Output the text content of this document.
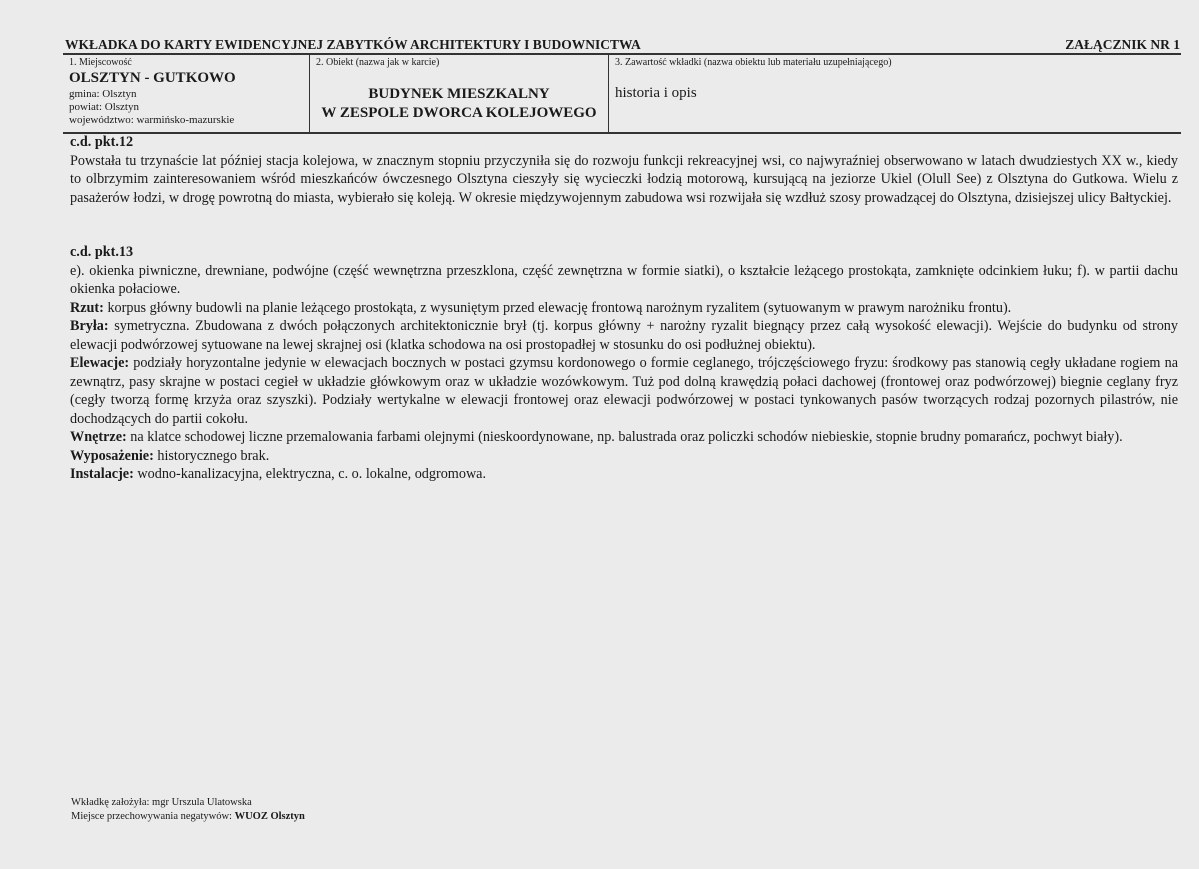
WKŁADKA DO KARTY EWIDENCYJNEJ ZABYTKÓW ARCHITEKTURY I BUDOWNICTWA	ZAŁĄCZNIK NR 1
1. Miejscowość
OLSZTYN - GUTKOWO
gmina: Olsztyn
powiat: Olsztyn
województwo: warmińsko-mazurskie
2. Obiekt (nazwa jak w karcie)
BUDYNEK MIESZKALNY
W ZESPOLE DWORCA KOLEJOWEGO
3. Zawartość wkładki (nazwa obiektu lub materiału uzupełniającego)
historia i opis

c.d. pkt.12

Powstała tu trzynaście lat później stacja kolejowa, w znacznym stopniu przyczyniła się do rozwoju funkcji rekreacyjnej wsi, co najwyraźniej obserwowano w latach dwudziestych XX w., kiedy to olbrzymim zainteresowaniem wśród mieszkańców ówczesnego Olsztyna cieszyły się wycieczki łodzią motorową, kursującą na jeziorze Ukiel (Olull See) z Olsztyna do Gutkowa. Wielu z pasażerów łodzi, w drogę powrotną do miasta, wybierało się koleją. W okresie międzywojennym zabudowa wsi rozwijała się wzdłuż szosy prowadzącej do Olsztyna, dzisiejszej ulicy Bałtyckiej.

c.d. pkt.13

e). okienka piwniczne, drewniane, podwójne (część wewnętrzna przeszklona, część zewnętrzna w formie siatki), o kształcie leżącego prostokąta, zamknięte odcinkiem łuku; f). w partii dachu okienka połaciowe.

Rzut: korpus główny budowli na planie leżącego prostokąta, z wysuniętym przed elewację frontową narożnym ryzalitem (sytuowanym w prawym narożniku frontu).

Bryła: symetryczna. Zbudowana z dwóch połączonych architektonicznie brył (tj. korpus główny + narożny ryzalit biegnący przez całą wysokość elewacji). Wejście do budynku od strony elewacji podwórzowej sytuowane na lewej skrajnej osi (klatka schodowa na osi prostopadłej w stosunku do osi podłużnej obiektu).

Elewacje: podziały horyzontalne jedynie w elewacjach bocznych w postaci gzymsu kordonowego o formie ceglanego, trójczęściowego fryzu: środkowy pas stanowią cegły układane rogiem na zewnątrz, pasy skrajne w postaci cegieł w układzie główkowym oraz w układzie wozówkowym. Tuż pod dolną krawędzią połaci dachowej (frontowej oraz podwórzowej) biegnie ceglany fryz (cegły tworzą formę krzyża oraz szyszki). Podziały wertykalne w elewacji frontowej oraz elewacji podwórzowej w postaci tynkowanych pasów tworzących rodzaj pozornych pilastrów, nie dochodzących do partii cokołu.

Wnętrze: na klatce schodowej liczne przemalowania farbami olejnymi (nieskoordynowane, np. balustrada oraz policzki schodów niebieskie, stopnie brudny pomarańcz, pochwyt biały).

Wyposażenie: historycznego brak.

Instalacje: wodno-kanalizacyjna, elektryczna, c. o. lokalne, odgromowa.

Wkładkę założyła: mgr Urszula Ulatowska
Miejsce przechowywania negatywów: WUOZ Olsztyn
